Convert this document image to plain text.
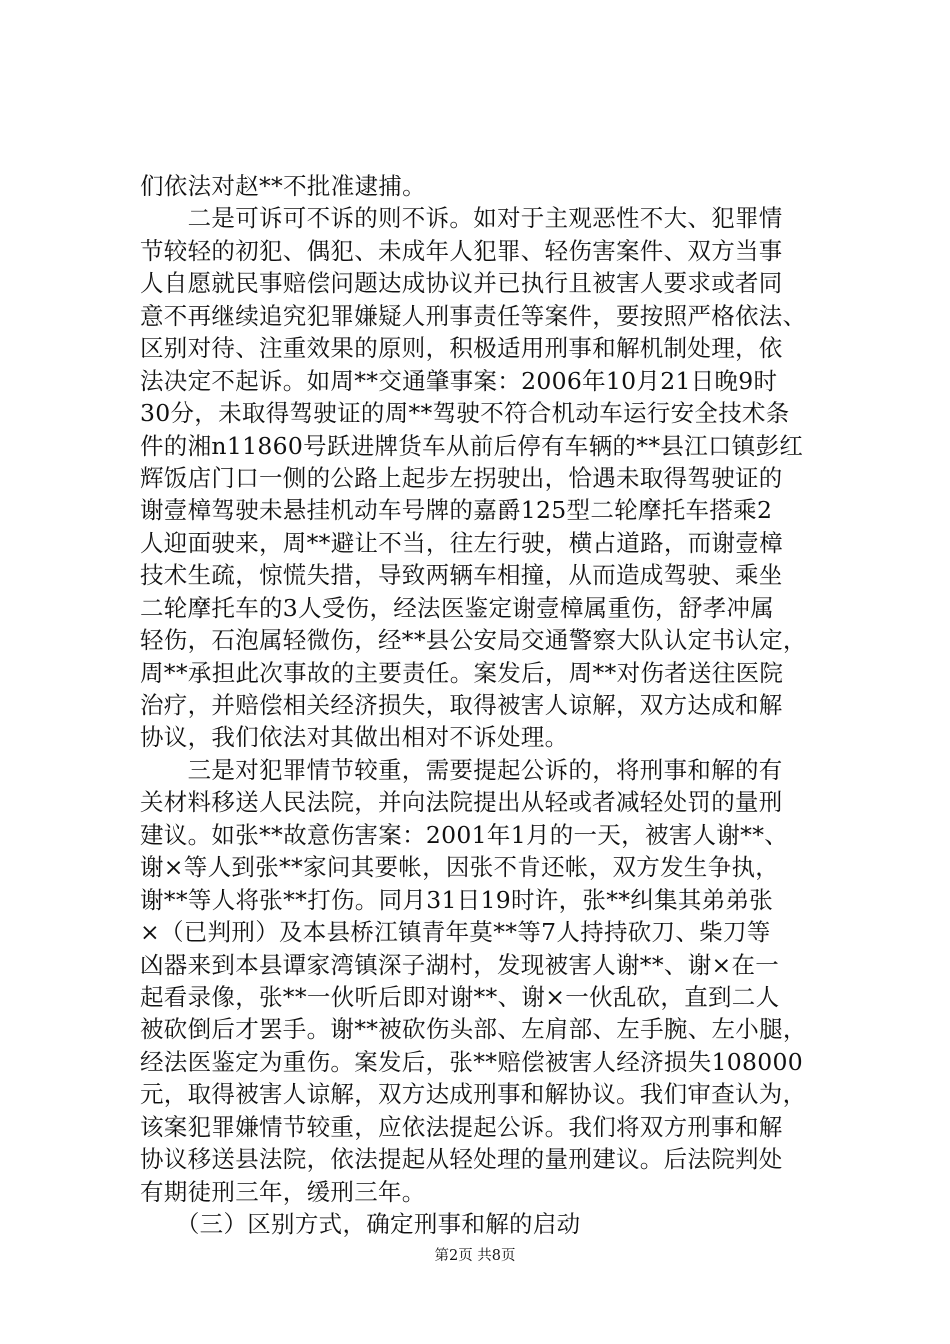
们依法对赵**不批准逮捕。
　　二是可诉可不诉的则不诉。如对于主观恶性不大、犯罪情
节较轻的初犯、偶犯、未成年人犯罪、轻伤害案件、双方当事
人自愿就民事赔偿问题达成协议并已执行且被害人要求或者同
意不再继续追究犯罪嫌疑人刑事责任等案件，要按照严格依法、
区别对待、注重效果的原则，积极适用刑事和解机制处理，依
法决定不起诉。如周**交通肇事案：2006年10月21日晚9时
30分，未取得驾驶证的周**驾驶不符合机动车运行安全技术条
件的湘n11860号跃进牌货车从前后停有车辆的**县江口镇彭红
辉饭店门口一侧的公路上起步左拐驶出，恰遇未取得驾驶证的
谢壹樟驾驶未悬挂机动车号牌的嘉爵125型二轮摩托车搭乘2
人迎面驶来，周**避让不当，往左行驶，横占道路，而谢壹樟
技术生疏，惊慌失措，导致两辆车相撞，从而造成驾驶、乘坐
二轮摩托车的3人受伤，经法医鉴定谢壹樟属重伤，舒孝冲属
轻伤，石泡属轻微伤，经**县公安局交通警察大队认定书认定，
周**承担此次事故的主要责任。案发后，周**对伤者送往医院
治疗，并赔偿相关经济损失，取得被害人谅解，双方达成和解
协议，我们依法对其做出相对不诉处理。
　　三是对犯罪情节较重，需要提起公诉的，将刑事和解的有
关材料移送人民法院，并向法院提出从轻或者减轻处罚的量刑
建议。如张**故意伤害案：2001年1月的一天，被害人谢**、
谢×等人到张**家问其要帐，因张不肯还帐，双方发生争执，
谢**等人将张**打伤。同月31日19时许，张**纠集其弟弟张
×（已判刑）及本县桥江镇青年莫**等7人持持砍刀、柴刀等
凶器来到本县谭家湾镇深子湖村，发现被害人谢**、谢×在一
起看录像，张**一伙听后即对谢**、谢×一伙乱砍，直到二人
被砍倒后才罢手。谢**被砍伤头部、左肩部、左手腕、左小腿，
经法医鉴定为重伤。案发后，张**赔偿被害人经济损失108000
元，取得被害人谅解，双方达成刑事和解协议。我们审查认为，
该案犯罪嫌情节较重，应依法提起公诉。我们将双方刑事和解
协议移送县法院，依法提起从轻处理的量刑建议。后法院判处
有期徒刑三年，缓刑三年。
　　（三）区别方式，确定刑事和解的启动
第2页 共8页
